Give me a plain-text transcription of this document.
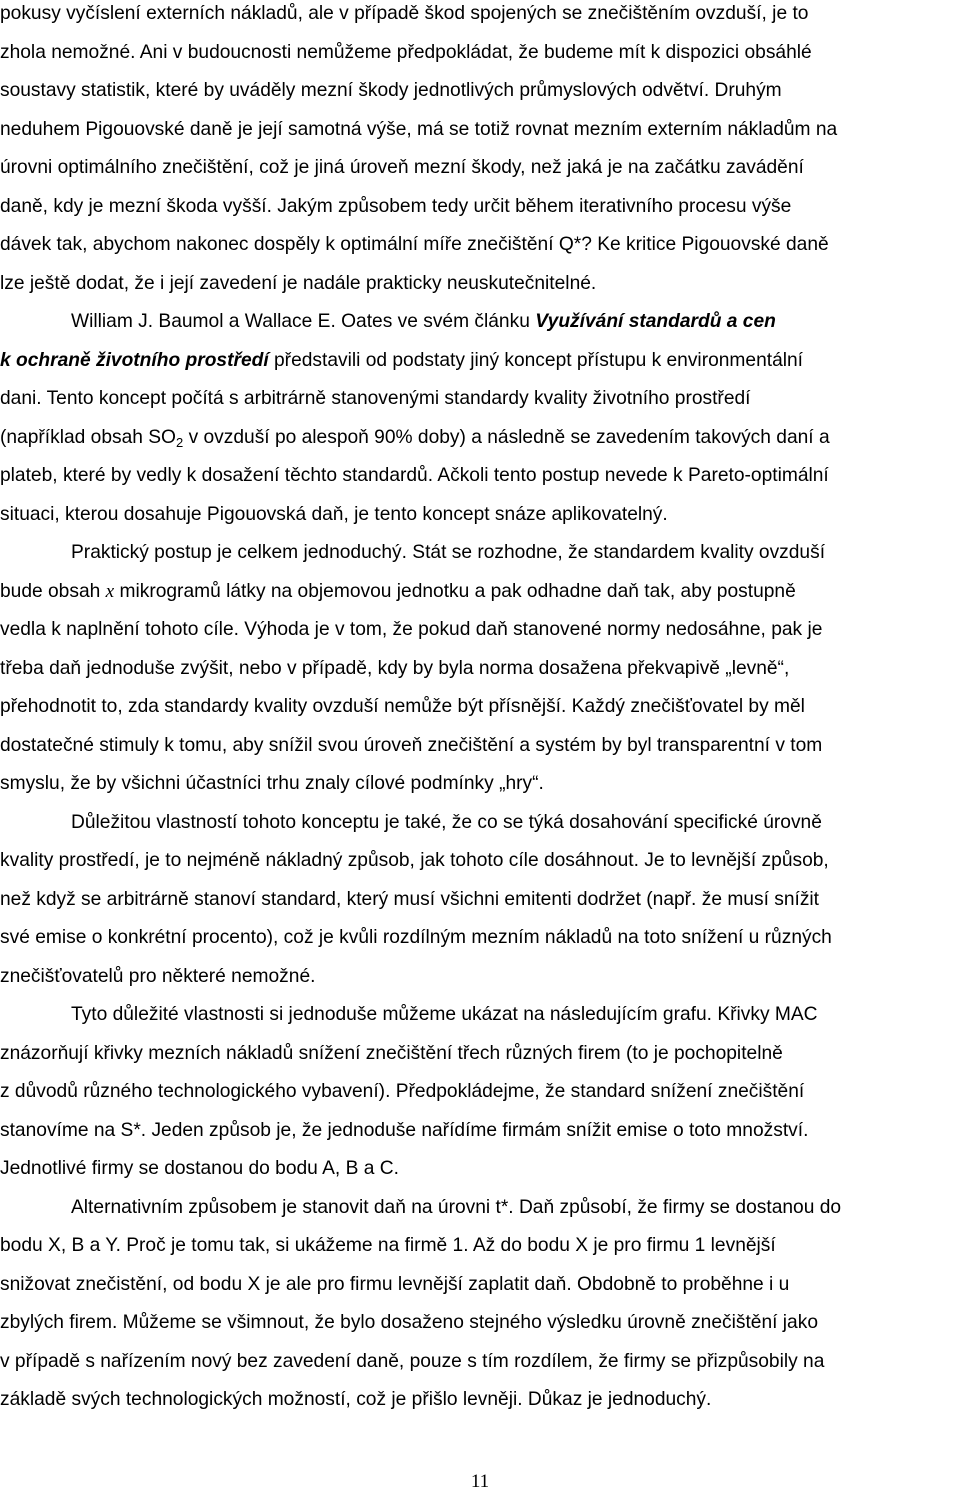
pokusy vyčíslení externích nákladů, ale v případě škod spojených se znečištěním ovzduší, je to
zhola nemožné. Ani v budoucnosti nemůžeme předpokládat, že budeme mít k dispozici obsáhlé
soustavy statistik, které by uváděly mezní škody jednotlivých průmyslových odvětví. Druhým
neduhem Pigouovské daně je její samotná výše, má se totiž rovnat mezním externím nákladům na
úrovni optimálního znečištění, což je jiná úroveň mezní škody, než jaká je na začátku zavádění
daně, kdy je mezní škoda vyšší. Jakým způsobem tedy určit během iterativního procesu výše
dávek tak, abychom nakonec dospěly k optimální míře znečištění Q*? Ke kritice Pigouovské daně
lze ještě dodat, že i její zavedení je nadále prakticky neuskutečnitelné.
William J. Baumol a Wallace E. Oates ve svém článku Využívání standardů a cen
k ochraně životního prostředí představili od podstaty jiný koncept přístupu k environmentální
dani. Tento koncept počítá s arbitrárně stanovenými standardy kvality životního prostředí
(například obsah $SO_2$ v ovzduší po alespoň 90% doby) a následně se zavedením takových daní a
plateb, které by vedly k dosažení těchto standardů. Ačkoli tento postup nevede k Pareto-optimální
situaci, kterou dosahuje Pigouovská daň, je tento koncept snáze aplikovatelný.
Praktický postup je celkem jednoduchý. Stát se rozhodne, že standardem kvality ovzduší
bude obsah x mikrogramů látky na objemovou jednotku a pak odhadne daň tak, aby postupně
vedla k naplnění tohoto cíle. Výhoda je v tom, že pokud daň stanovené normy nedosáhne, pak je
třeba daň jednoduše zvýšit, nebo v případě, kdy by byla norma dosažena překvapivě „levně“,
přehodnotit to, zda standardy kvality ovzduší nemůže být přísnější. Každý znečišťovatel by měl
dostatečné stimuly k tomu, aby snížil svou úroveň znečištění a systém by byl transparentní v tom
smyslu, že by všichni účastníci trhu znaly cílové podmínky „hry“.
Důležitou vlastností tohoto konceptu je také, že co se týká dosahování specifické úrovně
kvality prostředí, je to nejméně nákladný způsob, jak tohoto cíle dosáhnout. Je to levnější způsob,
než když se arbitrárně stanoví standard, který musí všichni emitenti dodržet (např. že musí snížit
své emise o konkrétní procento), což je kvůli rozdílným mezním nákladů na toto snížení u různých
znečišťovatelů pro některé nemožné.
Tyto důležité vlastnosti si jednoduše můžeme ukázat na následujícím grafu. Křivky MAC
znázorňují křivky mezních nákladů snížení znečištění třech různých firem (to je pochopitelně
z důvodů různého technologického vybavení). Předpokládejme, že standard snížení znečištění
stanovíme na S*. Jeden způsob je, že jednoduše nařídíme firmám snížit emise o toto množství.
Jednotlivé firmy se dostanou do bodu A, B a C.
Alternativním způsobem je stanovit daň na úrovni t*. Daň způsobí, že firmy se dostanou do
bodu X, B a Y. Proč je tomu tak, si ukážeme na firmě 1. Až do bodu X je pro firmu 1 levnější
snižovat znečistění, od bodu X je ale pro firmu levnější zaplatit daň. Obdobně to proběhne i u
zbylých firem. Můžeme se všimnout, že bylo dosaženo stejného výsledku úrovně znečištění jako
v případě s nařízením nový bez zavedení daně, pouze s tím rozdílem, že firmy se přizpůsobily na
základě svých technologických možností, což je přišlo levněji. Důkaz je jednoduchý.
11
